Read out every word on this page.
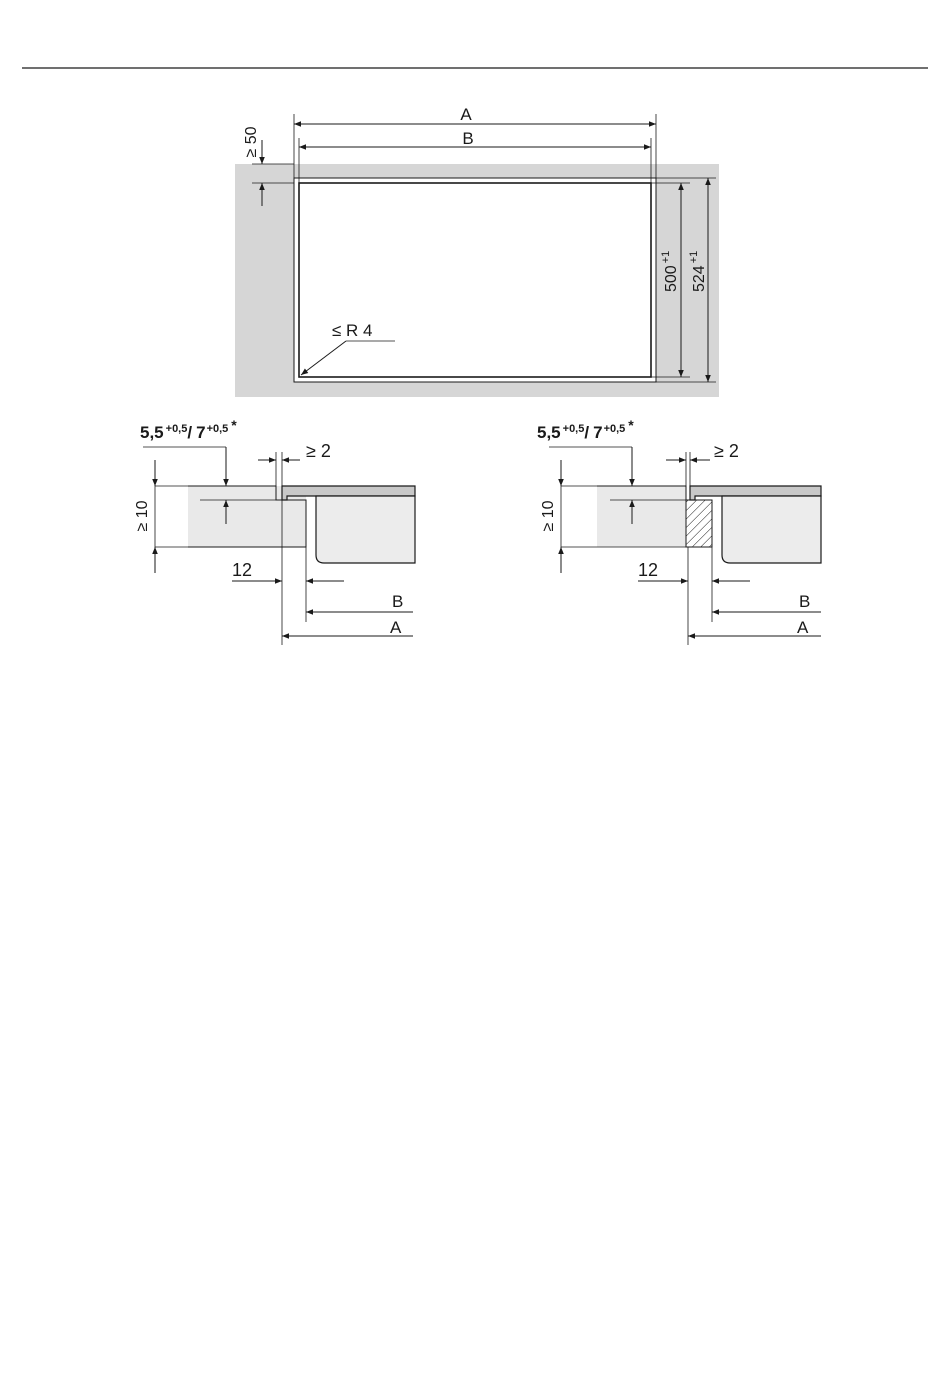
A
B
≥ 50
$500^{+1}$
$524^{+1}$
≤ R 4
≥ 10
5,5 $^{+0,5}$/ $7^{+0,5}$ *
≥ 2
12
B
A
≥ 10
5,5 $^{+0,5}$/ $7^{+0,5}$ *
≥ 2
12
B
A
